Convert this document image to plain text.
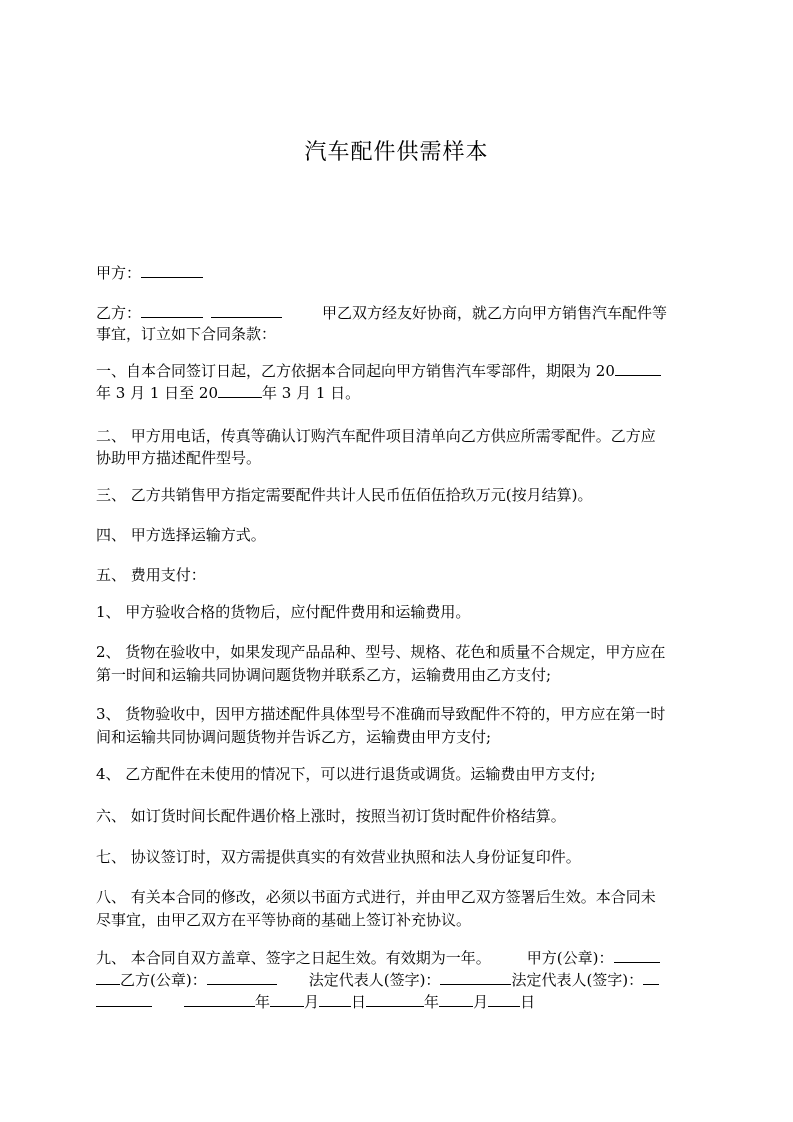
汽车配件供需样本
甲方：
乙方：	甲乙双方经友好协商，就乙方向甲方销售汽车配件等
事宜，订立如下合同条款：
一、自本合同签订日起，乙方依据本合同起向甲方销售汽车零部件，期限为 20
年 3 月 1 日至 20	年 3 月 1 日。
二、 甲方用电话，传真等确认订购汽车配件项目清单向乙方供应所需零配件。乙方应
协助甲方描述配件型号。
三、 乙方共销售甲方指定需要配件共计人民币伍佰伍拾玖万元(按月结算)。
四、 甲方选择运输方式。
五、 费用支付：
1、 甲方验收合格的货物后，应付配件费用和运输费用。
2、 货物在验收中，如果发现产品品种、型号、规格、花色和质量不合规定，甲方应在
第一时间和运输共同协调问题货物并联系乙方，运输费用由乙方支付;
3、 货物验收中，因甲方描述配件具体型号不准确而导致配件不符的，甲方应在第一时
间和运输共同协调问题货物并告诉乙方，运输费由甲方支付;
4、 乙方配件在未使用的情况下，可以进行退货或调货。运输费由甲方支付;
六、 如订货时间长配件遇价格上涨时，按照当初订货时配件价格结算。
七、 协议签订时，双方需提供真实的有效营业执照和法人身份证复印件。
八、 有关本合同的修改，必须以书面方式进行，并由甲乙双方签署后生效。本合同未
尽事宜，由甲乙双方在平等协商的基础上签订补充协议。
九、 本合同自双方盖章、签字之日起生效。有效期为一年。 甲方(公章)：
乙方(公章)：	法定代表人(签字)：	法定代表人(签字)：
年 月 日	年 月 日
